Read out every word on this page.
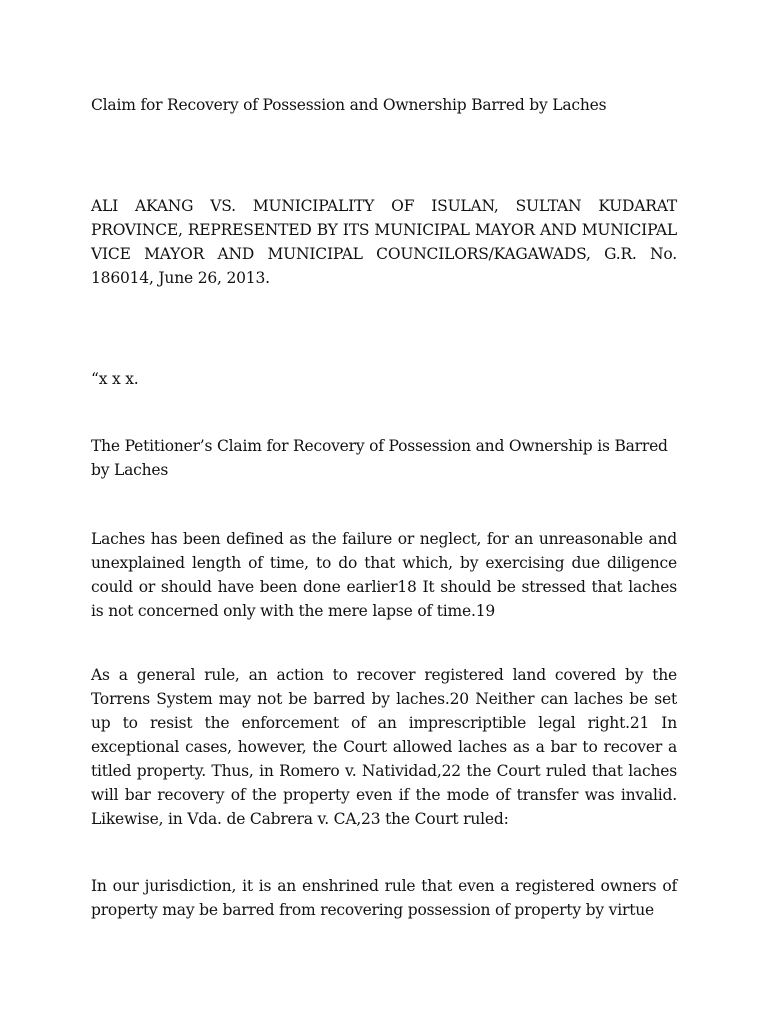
Claim for Recovery of Possession and Ownership Barred by Laches

ALI AKANG VS. MUNICIPALITY OF ISULAN, SULTAN KUDARAT PROVINCE, REPRESENTED BY ITS MUNICIPAL MAYOR AND MUNICIPAL VICE MAYOR AND MUNICIPAL COUNCILORS/KAGAWADS, G.R. No. 186014, June 26, 2013.

“x x x.

The Petitioner’s Claim for Recovery of Possession and Ownership is Barred by Laches

Laches has been defined as the failure or neglect, for an unreasonable and unexplained length of time, to do that which, by exercising due diligence could or should have been done earlier18 It should be stressed that laches is not concerned only with the mere lapse of time.19

As a general rule, an action to recover registered land covered by the Torrens System may not be barred by laches.20 Neither can laches be set up to resist the enforcement of an imprescriptible legal right.21 In exceptional cases, however, the Court allowed laches as a bar to recover a titled property. Thus, in Romero v. Natividad,22 the Court ruled that laches will bar recovery of the property even if the mode of transfer was invalid. Likewise, in Vda. de Cabrera v. CA,23 the Court ruled:

In our jurisdiction, it is an enshrined rule that even a registered owners of property may be barred from recovering possession of property by virtue
